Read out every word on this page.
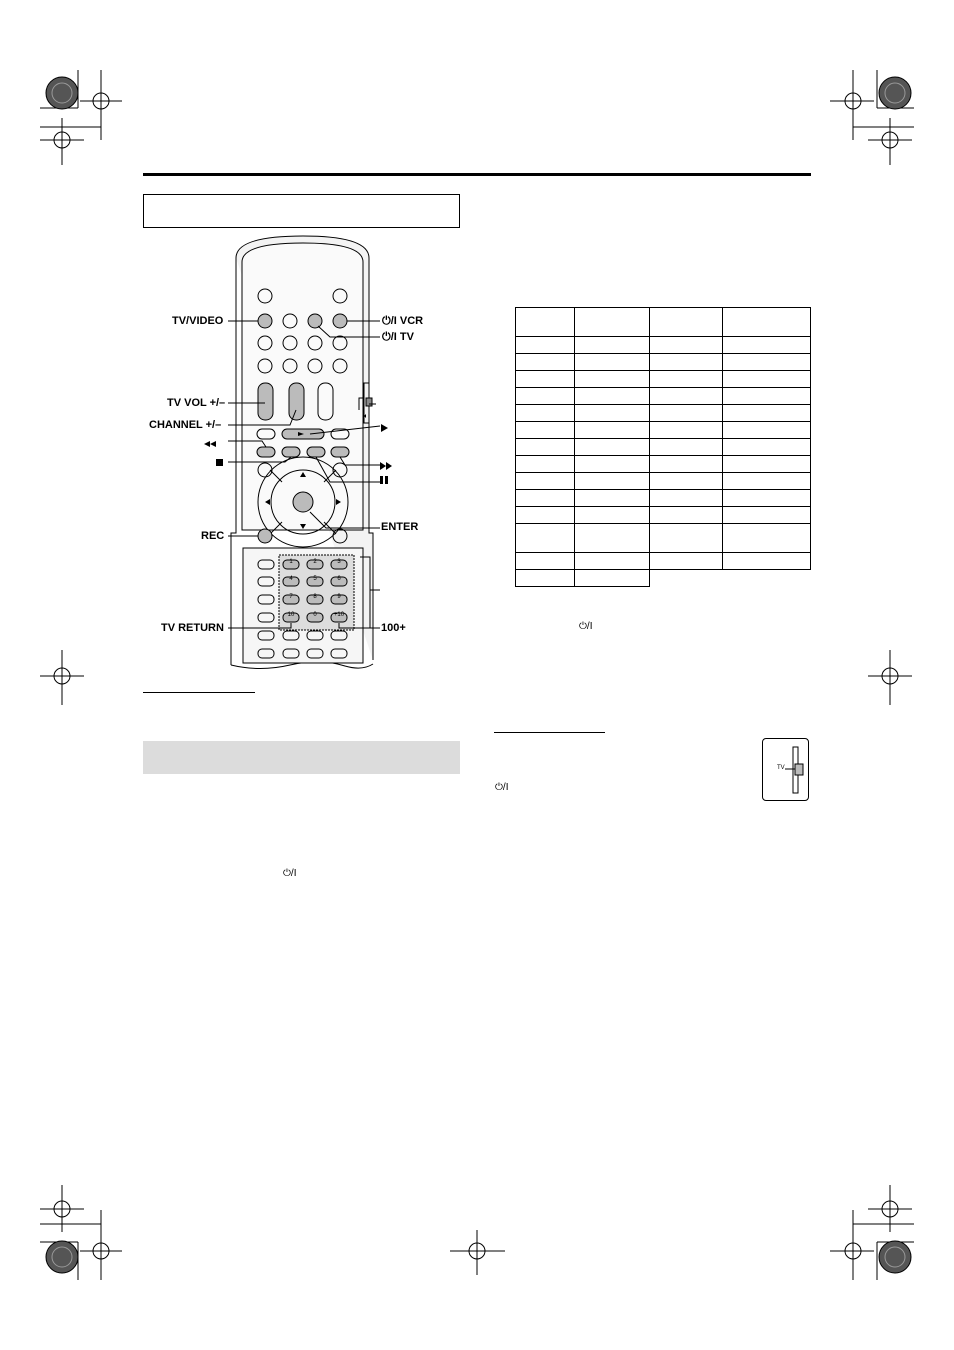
TV/VIDEO
TV VOL +/–
CHANNEL +/–
REC
TV RETURN
⏻/I VCR
⏻/I TV
ENTER
100+
1	2	3
4	5	6
7	8	9
10	0	+10
⏻/I
⏻/I
⏻/I

TV
